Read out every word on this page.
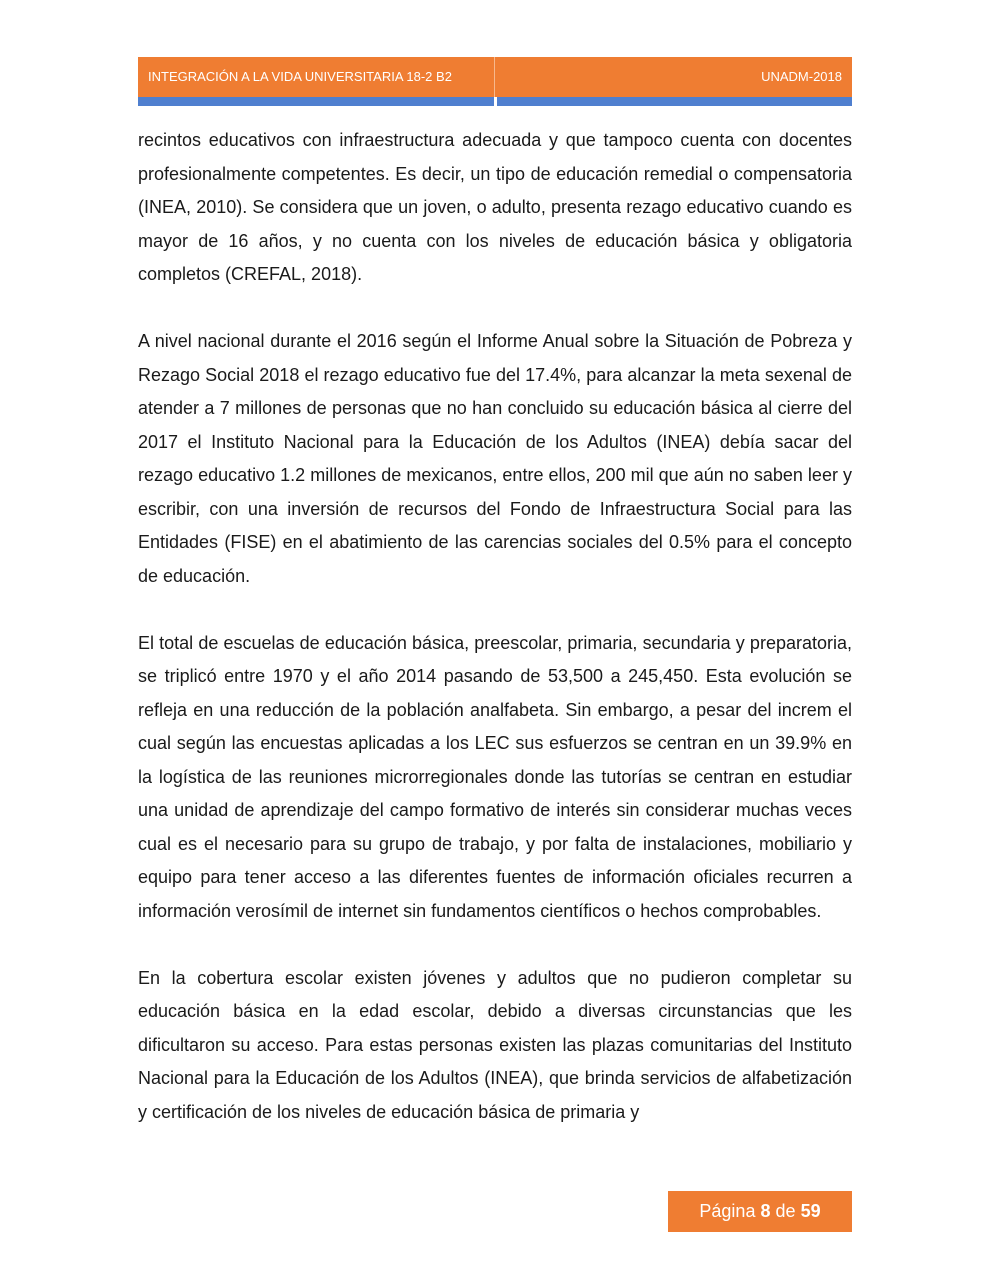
INTEGRACIÓN A LA VIDA UNIVERSITARIA 18-2 B2	UNADM-2018

recintos educativos con infraestructura adecuada y que tampoco cuenta con docentes profesionalmente competentes. Es decir, un tipo de educación remedial o compensatoria (INEA, 2010). Se considera que un joven, o adulto, presenta rezago educativo cuando es mayor de 16 años, y no cuenta con los niveles de educación básica y obligatoria completos (CREFAL, 2018).

A nivel nacional durante el 2016 según el Informe Anual sobre la Situación de Pobreza y Rezago Social 2018 el rezago educativo fue del 17.4%, para alcanzar la meta sexenal de atender a 7 millones de personas que no han concluido su educación básica al cierre del 2017 el Instituto Nacional para la Educación de los Adultos (INEA) debía sacar del rezago educativo 1.2 millones de mexicanos, entre ellos, 200 mil que aún no saben leer y escribir, con una inversión de recursos del Fondo de Infraestructura Social para las Entidades (FISE) en el abatimiento de las carencias sociales del 0.5% para el concepto de educación.

El total de escuelas de educación básica, preescolar, primaria, secundaria y preparatoria, se triplicó entre 1970 y el año 2014 pasando de 53,500 a 245,450. Esta evolución se refleja en una reducción de la población analfabeta. Sin embargo, a pesar del increm el cual según las encuestas aplicadas a los LEC sus esfuerzos se centran en un 39.9% en la logística de las reuniones microrregionales donde las tutorías se centran en estudiar una unidad de aprendizaje del campo formativo de interés sin considerar muchas veces cual es el necesario para su grupo de trabajo, y por falta de instalaciones, mobiliario y equipo para tener acceso a las diferentes fuentes de información oficiales recurren a información verosímil de internet sin fundamentos científicos o hechos comprobables.

En la cobertura escolar existen jóvenes y adultos que no pudieron completar su educación básica en la edad escolar, debido a diversas circunstancias que les dificultaron su acceso. Para estas personas existen las plazas comunitarias del Instituto Nacional para la Educación de los Adultos (INEA), que brinda servicios de alfabetización y certificación de los niveles de educación básica de primaria y

Página 8 de 59
